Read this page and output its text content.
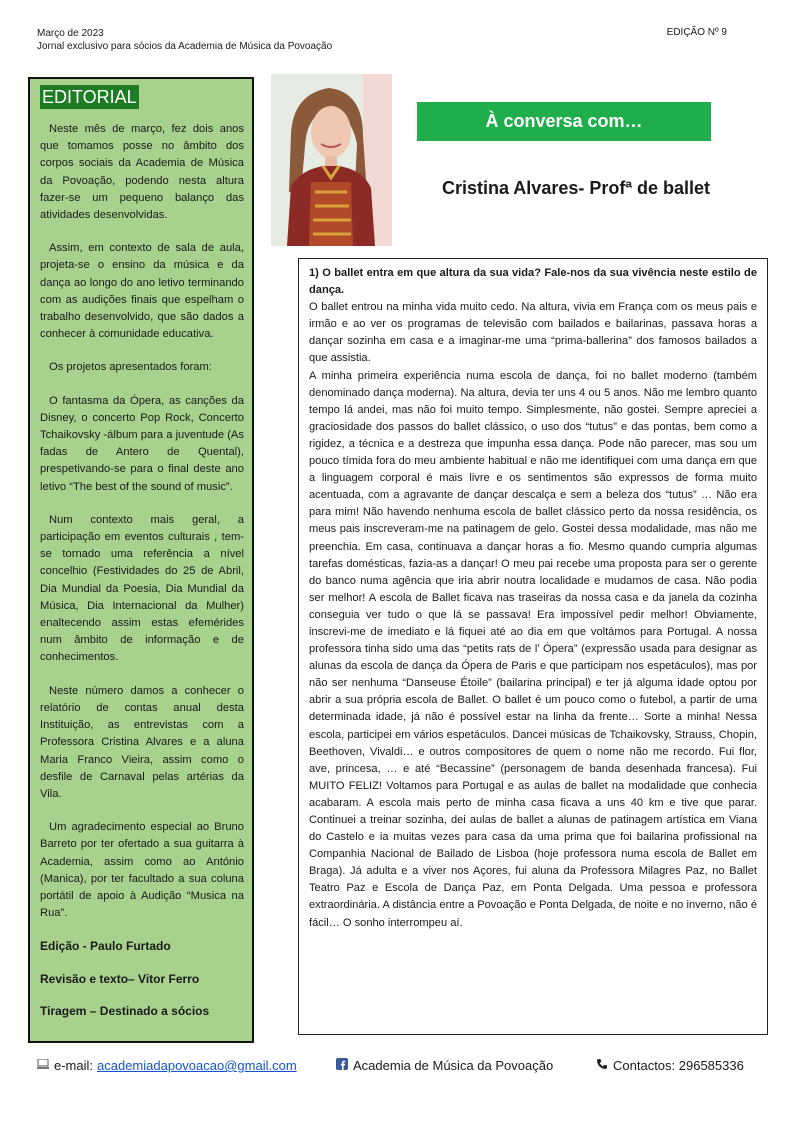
Março de 2023
Jornal exclusivo para sócios da Academia de Música da Povoação
EDIÇÃO Nº 9
EDITORIAL

Neste mês de março, fez dois anos que tomamos posse no âmbito dos corpos sociais da Academia de Música da Povoação, podendo nesta altura fazer-se um pequeno balanço das atividades desenvolvidas.

Assim, em contexto de sala de aula, projeta-se o ensino da música e da dança ao longo do ano letivo terminando com as audições finais que espelham o trabalho desenvolvido, que são dados a conhecer à comunidade educativa.

Os projetos apresentados foram:

O fantasma da Ópera, as canções da Disney, o concerto Pop Rock, Concerto Tchaikovsky -álbum para a juventude (As fadas de Antero de Quental), prespetivando-se para o final deste ano letivo “The best of the sound of music”.

Num contexto mais geral, a participação em eventos culturais , tem-se tornado uma referência a nível concelhio (Festividades do 25 de Abril, Dia Mundial da Poesia, Dia Mundial da Música, Dia Internacional da Mulher) enaltecendo assim estas efemérides num âmbito de informação e de conhecimentos.

Neste número damos a conhecer o relatório de contas anual desta Instituição, as entrevistas com a Professora Cristina Alvares e a aluna Maria Franco Vieira, assim como o desfile de Carnaval pelas artérias da Vila.

Um agradecimento especial ao Bruno Barreto por ter ofertado a sua guitarra à Academia, assim como ao António (Manica), por ter facultado a sua coluna portátil de apoio à Audição “Musica na Rua”.

Edição - Paulo Furtado

Revisão e texto– Vitor Ferro

Tiragem – Destinado a sócios

À conversa com…
Cristina Alvares- Profª de ballet

1) O ballet entra em que altura da sua vida? Fale-nos da sua vivência neste estilo de dança.

O ballet entrou na minha vida muito cedo. Na altura, vivia em França com os meus pais e irmão e ao ver os programas de televisão com bailados e bailarinas, passava horas a dançar sozinha em casa e a imaginar-me uma “prima-ballerina” dos famosos bailados a que assistia.

A minha primeira experiência numa escola de dança, foi no ballet moderno (também denominado dança moderna). Na altura, devia ter uns 4 ou 5 anos. Não me lembro quanto tempo lá andei, mas não foi muito tempo. Simplesmente, não gostei. Sempre apreciei a graciosidade dos passos do ballet clássico, o uso dos “tutus” e das pontas, bem como a rigidez, a técnica e a destreza que impunha essa dança. Pode não parecer, mas sou um pouco tímida fora do meu ambiente habitual e não me identifiquei com uma dança em que a linguagem corporal é mais livre e os sentimentos são expressos de forma muito acentuada, com a agravante de dançar descalça e sem a beleza dos “tutus” … Não era para mim! Não havendo nenhuma escola de ballet clássico perto da nossa residência, os meus pais inscreveram-me na patinagem de gelo. Gostei dessa modalidade, mas não me preenchia. Em casa, continuava a dançar horas a fio. Mesmo quando cumpria algumas tarefas domésticas, fazia-as a dançar! O meu pai recebe uma proposta para ser o gerente do banco numa agência que iria abrir noutra localidade e mudamos de casa. Não podia ser melhor! A escola de Ballet ficava nas traseiras da nossa casa e da janela da cozinha conseguia ver tudo o que lá se passava! Era impossível pedir melhor! Obviamente, inscrevi-me de imediato e lá fiquei até ao dia em que voltámos para Portugal. A nossa professora tinha sido uma das “petits rats de l’ Ópera” (expressão usada para designar as alunas da escola de dança da Ópera de Paris e que participam nos espetáculos), mas por não ser nenhuma “Danseuse Étoile” (bailarina principal) e ter já alguma idade optou por abrir a sua própria escola de Ballet. O ballet é um pouco como o futebol, a partir de uma determinada idade, já não é possível estar na linha da frente… Sorte a minha! Nessa escola, participei em vários espetáculos. Dancei músicas de Tchaikovsky, Strauss, Chopin, Beethoven, Vivaldi… e outros compositores de quem o nome não me recordo. Fui flor, ave, princesa, … e até “Becassine” (personagem de banda desenhada francesa). Fui MUITO FELIZ! Voltamos para Portugal e as aulas de ballet na modalidade que conhecia acabaram. A escola mais perto de minha casa ficava a uns 40 km e tive que parar. Continuei a treinar sozinha, dei aulas de ballet a alunas de patinagem artística em Viana do Castelo e ia muitas vezes para casa da uma prima que foi bailarina profissional na Companhia Nacional de Bailado de Lisboa (hoje professora numa escola de Ballet em Braga). Já adulta e a viver nos Açores, fui aluna da Professora Milagres Paz, no Ballet Teatro Paz e Escola de Dança Paz, em Ponta Delgada. Uma pessoa e professora extraordinária. A distância entre a Povoação e Ponta Delgada, de noite e no inverno, não é fácil… O sonho interrompeu aí.

e-mail: academiadapovoacao@gmail.com	Academia de Música da Povoação	Contactos: 296585336
